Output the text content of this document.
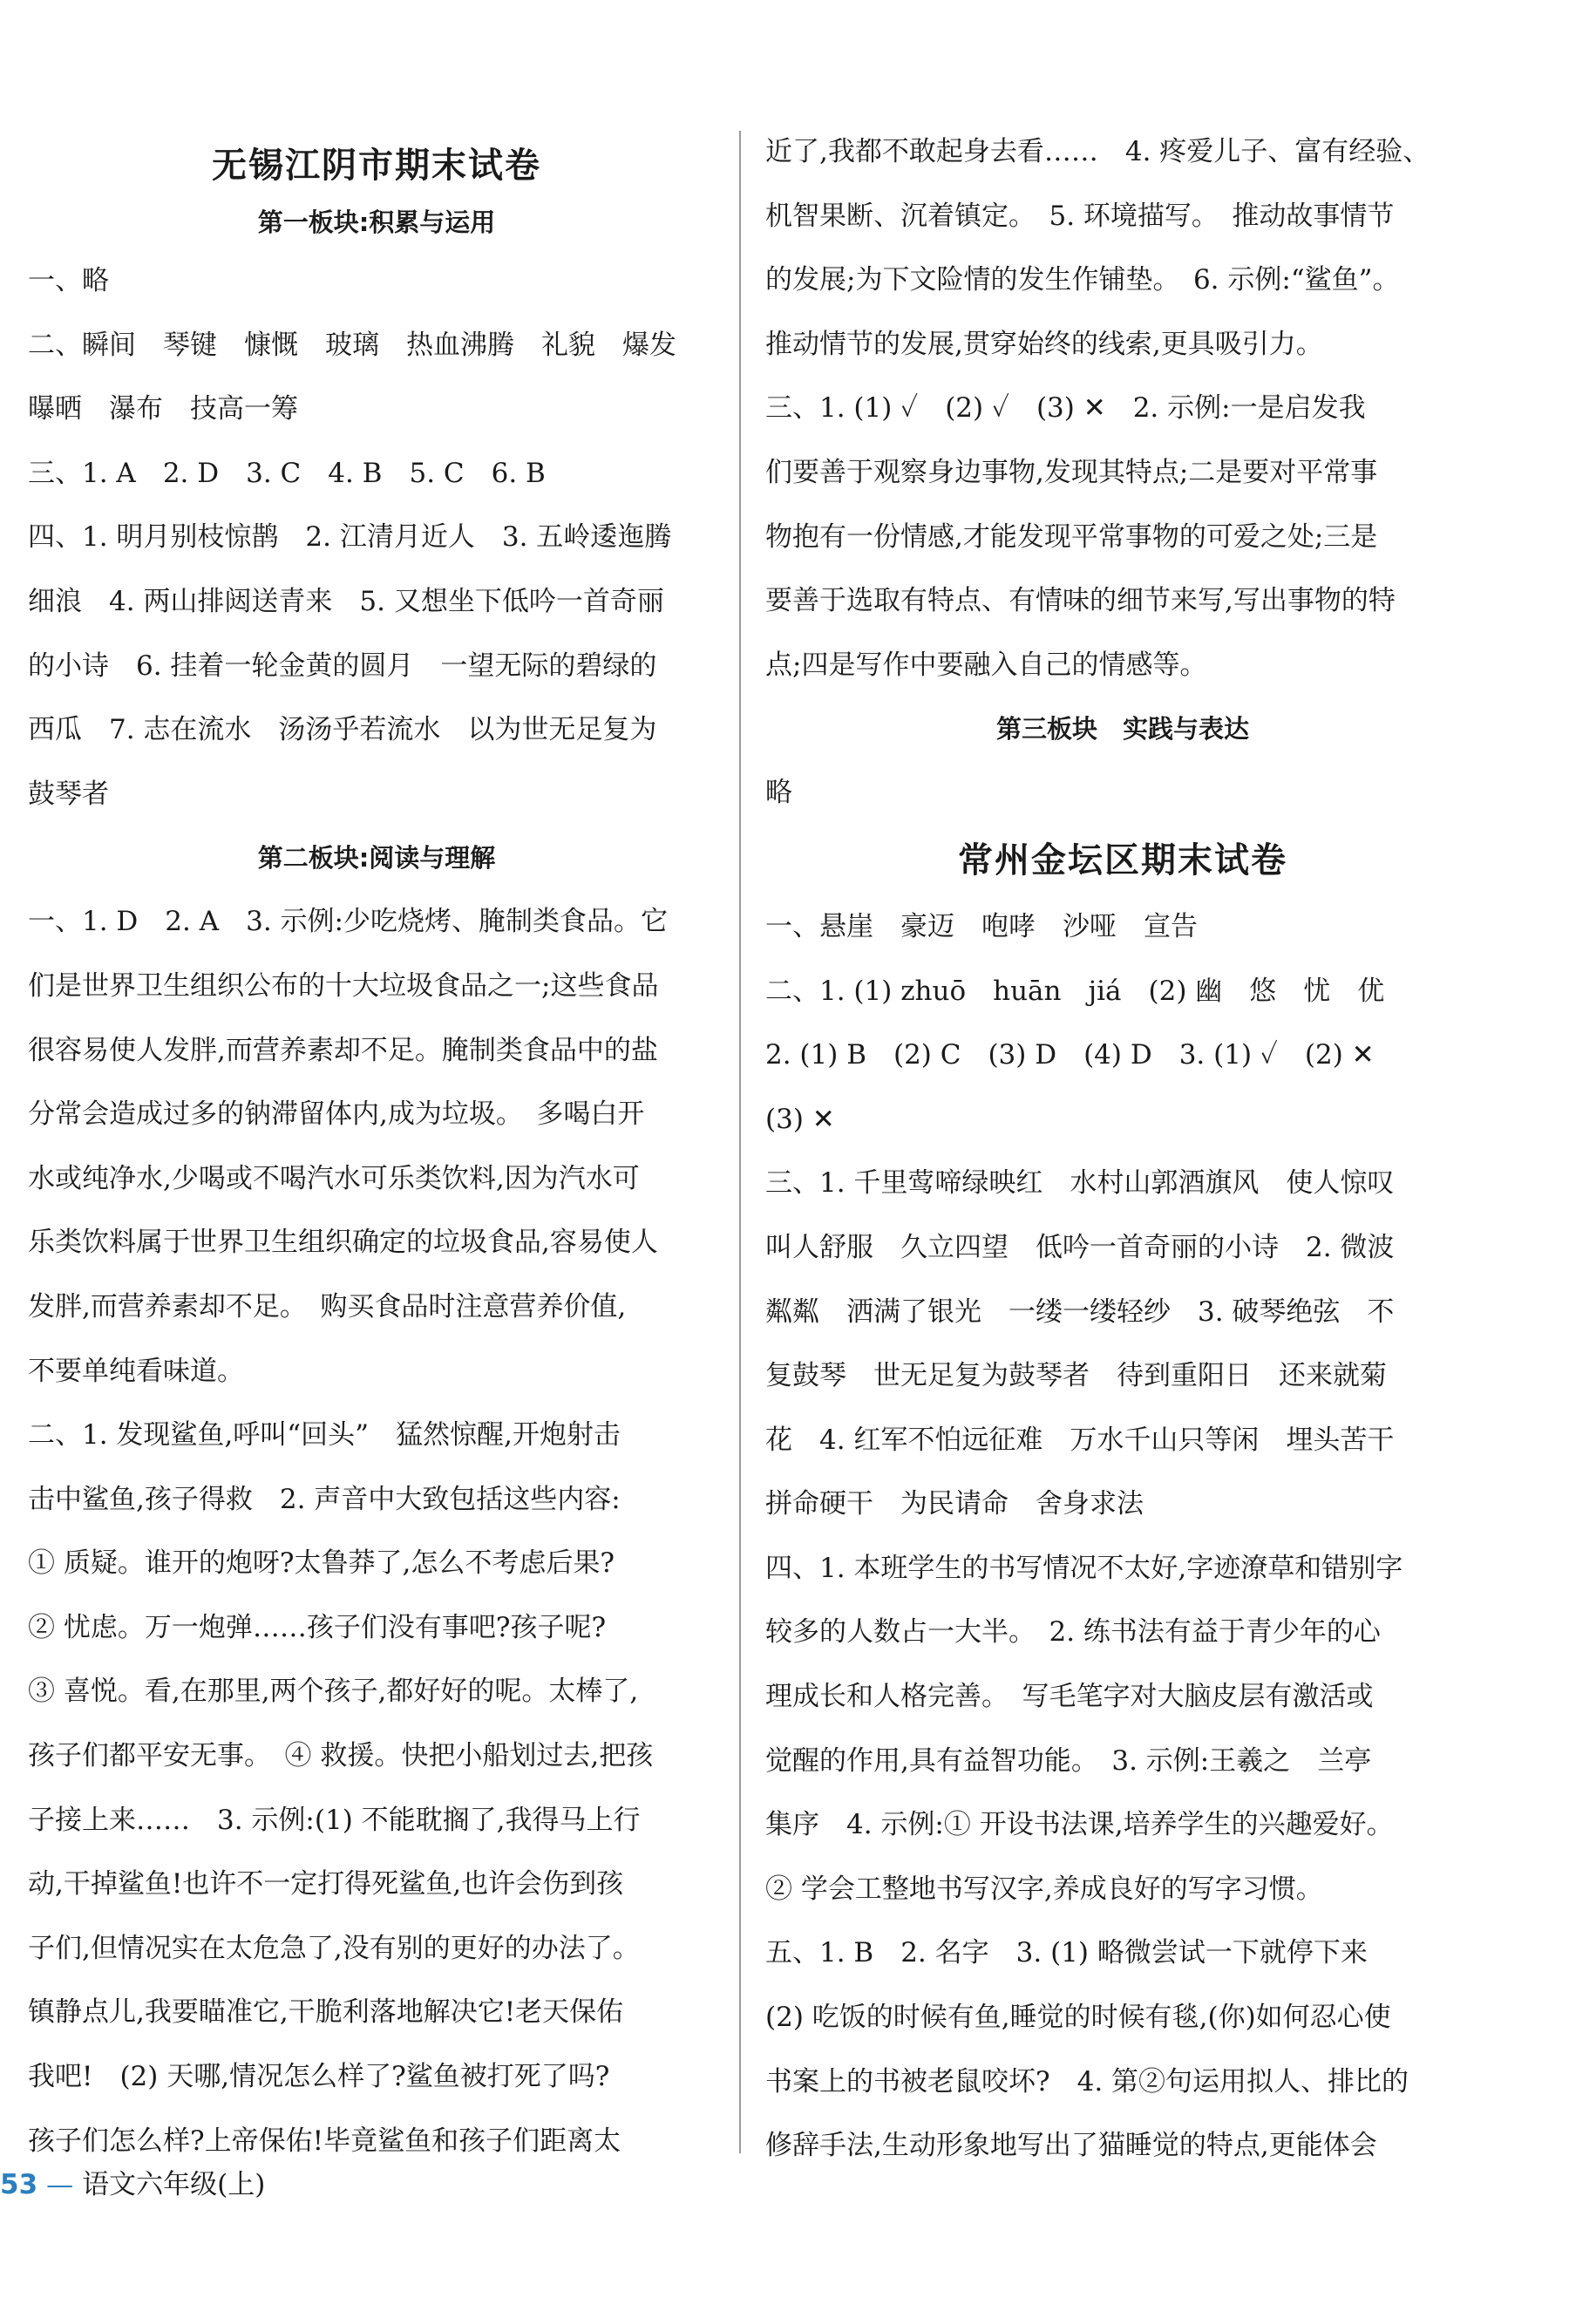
无锡江阴市期末试卷
第一板块:积累与运用

一、略

二、瞬间　琴键　慷慨　玻璃　热血沸腾　礼貌　爆发

曝晒　瀑布　技高一筹

三、1. A　2. D　3. C　4. B　5. C　6. B

四、1. 明月别枝惊鹊　2. 江清月近人　3. 五岭逶迤腾

细浪　4. 两山排闼送青来　5. 又想坐下低吟一首奇丽

的小诗　6. 挂着一轮金黄的圆月　一望无际的碧绿的

西瓜　7. 志在流水　汤汤乎若流水　以为世无足复为

鼓琴者

第二板块:阅读与理解

一、1. D　2. A　3. 示例:少吃烧烤、腌制类食品。它

们是世界卫生组织公布的十大垃圾食品之一;这些食品

很容易使人发胖,而营养素却不足。腌制类食品中的盐

分常会造成过多的钠滞留体内,成为垃圾。　多喝白开

水或纯净水,少喝或不喝汽水可乐类饮料,因为汽水可

乐类饮料属于世界卫生组织确定的垃圾食品,容易使人

发胖,而营养素却不足。　购买食品时注意营养价值,

不要单纯看味道。

二、1. 发现鲨鱼,呼叫“回头”　猛然惊醒,开炮射击

击中鲨鱼,孩子得救　2. 声音中大致包括这些内容:

① 质疑。谁开的炮呀?太鲁莽了,怎么不考虑后果?

② 忧虑。万一炮弹……孩子们没有事吧?孩子呢?

③ 喜悦。看,在那里,两个孩子,都好好的呢。太棒了,

孩子们都平安无事。　④ 救援。快把小船划过去,把孩

子接上来……　3. 示例:(1) 不能耽搁了,我得马上行

动,干掉鲨鱼!也许不一定打得死鲨鱼,也许会伤到孩

子们,但情况实在太危急了,没有别的更好的办法了。

镇静点儿,我要瞄准它,干脆利落地解决它!老天保佑

我吧!　(2) 天哪,情况怎么样了?鲨鱼被打死了吗?

孩子们怎么样?上帝保佑!毕竟鲨鱼和孩子们距离太

近了,我都不敢起身去看……　4. 疼爱儿子、富有经验、

机智果断、沉着镇定。　5. 环境描写。　推动故事情节

的发展;为下文险情的发生作铺垫。　6. 示例:“鲨鱼”。

推动情节的发展,贯穿始终的线索,更具吸引力。

三、1. (1) ✓　(2) ✓　(3) ✕　2. 示例:一是启发我

们要善于观察身边事物,发现其特点;二是要对平常事

物抱有一份情感,才能发现平常事物的可爱之处;三是

要善于选取有特点、有情味的细节来写,写出事物的特

点;四是写作中要融入自己的情感等。

第三板块　实践与表达

略

常州金坛区期末试卷

一、悬崖　豪迈　咆哮　沙哑　宣告

二、1. (1) zhuō　huān　jiá　(2) 幽　悠　忧　优

2. (1) B　(2) C　(3) D　(4) D　3. (1) ✓　(2) ✕

(3) ✕

三、1. 千里莺啼绿映红　水村山郭酒旗风　使人惊叹

叫人舒服　久立四望　低吟一首奇丽的小诗　2. 微波

粼粼　洒满了银光　一缕一缕轻纱　3. 破琴绝弦　不

复鼓琴　世无足复为鼓琴者　待到重阳日　还来就菊

花　4. 红军不怕远征难　万水千山只等闲　埋头苦干

拼命硬干　为民请命　舍身求法

四、1. 本班学生的书写情况不太好,字迹潦草和错别字

较多的人数占一大半。　2. 练书法有益于青少年的心

理成长和人格完善。　写毛笔字对大脑皮层有激活或

觉醒的作用,具有益智功能。　3. 示例:王羲之　兰亭

集序　4. 示例:① 开设书法课,培养学生的兴趣爱好。

② 学会工整地书写汉字,养成良好的写字习惯。

五、1. B　2. 名字　3. (1) 略微尝试一下就停下来

(2) 吃饭的时候有鱼,睡觉的时候有毯,(你)如何忍心使

书案上的书被老鼠咬坏?　4. 第②句运用拟人、排比的

修辞手法,生动形象地写出了猫睡觉的特点,更能体会

53 — 语文六年级(上)
